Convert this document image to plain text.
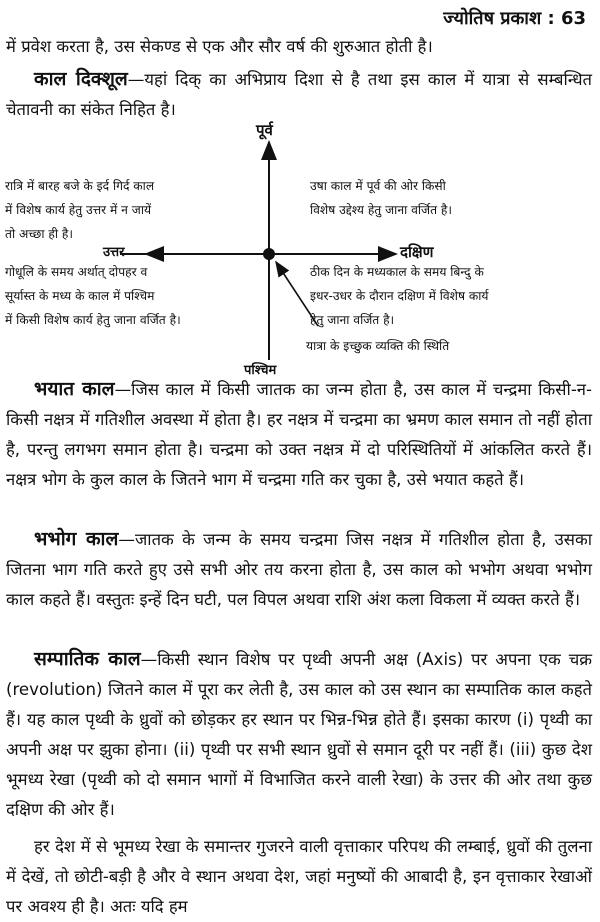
ज्योतिष प्रकाश : 63
में प्रवेश करता है, उस सेकण्ड से एक और सौर वर्ष की शुरुआत होती है।
काल दिक्शूल—यहां दिक् का अभिप्राय दिशा से है तथा इस काल में यात्रा से सम्बन्धित चेतावनी का संकेत निहित है।
पूर्व
पश्चिम
उत्तर	दक्षिण
रात्रि में बारह बजे के इर्द गिर्द काल
में विशेष कार्य हेतु उत्तर में न जायें
तो अच्छा ही है।
उषा काल में पूर्व की ओर किसी
विशेष उद्देश्य हेतु जाना वर्जित है।
गोधूलि के समय अर्थात् दोपहर व
सूर्यास्त के मध्य के काल में पश्चिम
में किसी विशेष कार्य हेतु जाना वर्जित है।
ठीक दिन के मध्यकाल के समय बिन्दु के
इधर-उधर के दौरान दक्षिण में विशेष कार्य
हेतु जाना वर्जित है।
यात्रा के इच्छुक व्यक्ति की स्थिति
भयात काल—जिस काल में किसी जातक का जन्म होता है, उस काल में चन्द्रमा किसी-न-किसी नक्षत्र में गतिशील अवस्था में होता है। हर नक्षत्र में चन्द्रमा का भ्रमण काल समान तो नहीं होता है, परन्तु लगभग समान होता है। चन्द्रमा को उक्त नक्षत्र में दो परिस्थितियों में आंकलित करते हैं। नक्षत्र भोग के कुल काल के जितने भाग में चन्द्रमा गति कर चुका है, उसे भयात कहते हैं।
भभोग काल—जातक के जन्म के समय चन्द्रमा जिस नक्षत्र में गतिशील होता है, उसका जितना भाग गति करते हुए उसे सभी ओर तय करना होता है, उस काल को भभोग अथवा भभोग काल कहते हैं। वस्तुतः इन्हें दिन घटी, पल विपल अथवा राशि अंश कला विकला में व्यक्त करते हैं।
सम्पातिक काल—किसी स्थान विशेष पर पृथ्वी अपनी अक्ष (Axis) पर अपना एक चक्र (revolution) जितने काल में पूरा कर लेती है, उस काल को उस स्थान का सम्पातिक काल कहते हैं। यह काल पृथ्वी के ध्रुवों को छोड़कर हर स्थान पर भिन्न-भिन्न होते हैं। इसका कारण (i) पृथ्वी का अपनी अक्ष पर झुका होना। (ii) पृथ्वी पर सभी स्थान ध्रुवों से समान दूरी पर नहीं हैं। (iii) कुछ देश भूमध्य रेखा (पृथ्वी को दो समान भागों में विभाजित करने वाली रेखा) के उत्तर की ओर तथा कुछ दक्षिण की ओर हैं।
हर देश में से भूमध्य रेखा के समान्तर गुजरने वाली वृत्ताकार परिपथ की लम्बाई, ध्रुवों की तुलना में देखें, तो छोटी-बड़ी है और वे स्थान अथवा देश, जहां मनुष्यों की आबादी है, इन वृत्ताकार रेखाओं पर अवश्य ही है। अतः यदि हम
